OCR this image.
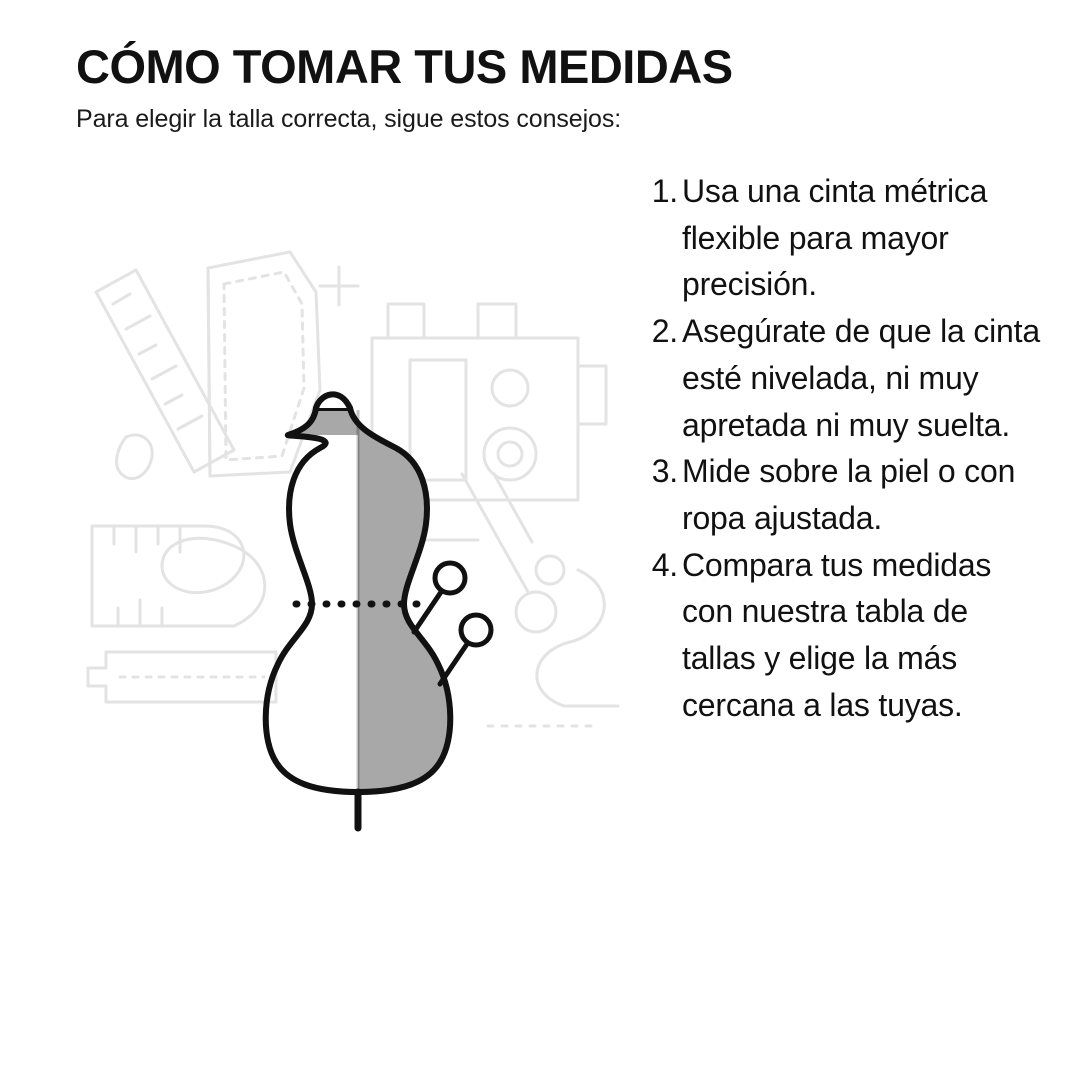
CÓMO TOMAR TUS MEDIDAS

Para elegir la talla correcta, sigue estos consejos:

1. Usa una cinta métrica flexible para mayor precisión.
2. Asegúrate de que la cinta esté nivelada, ni muy apretada ni muy suelta.
3. Mide sobre la piel o con ropa ajustada.
4. Compara tus medidas con nuestra tabla de tallas y elige la más cercana a las tuyas.
